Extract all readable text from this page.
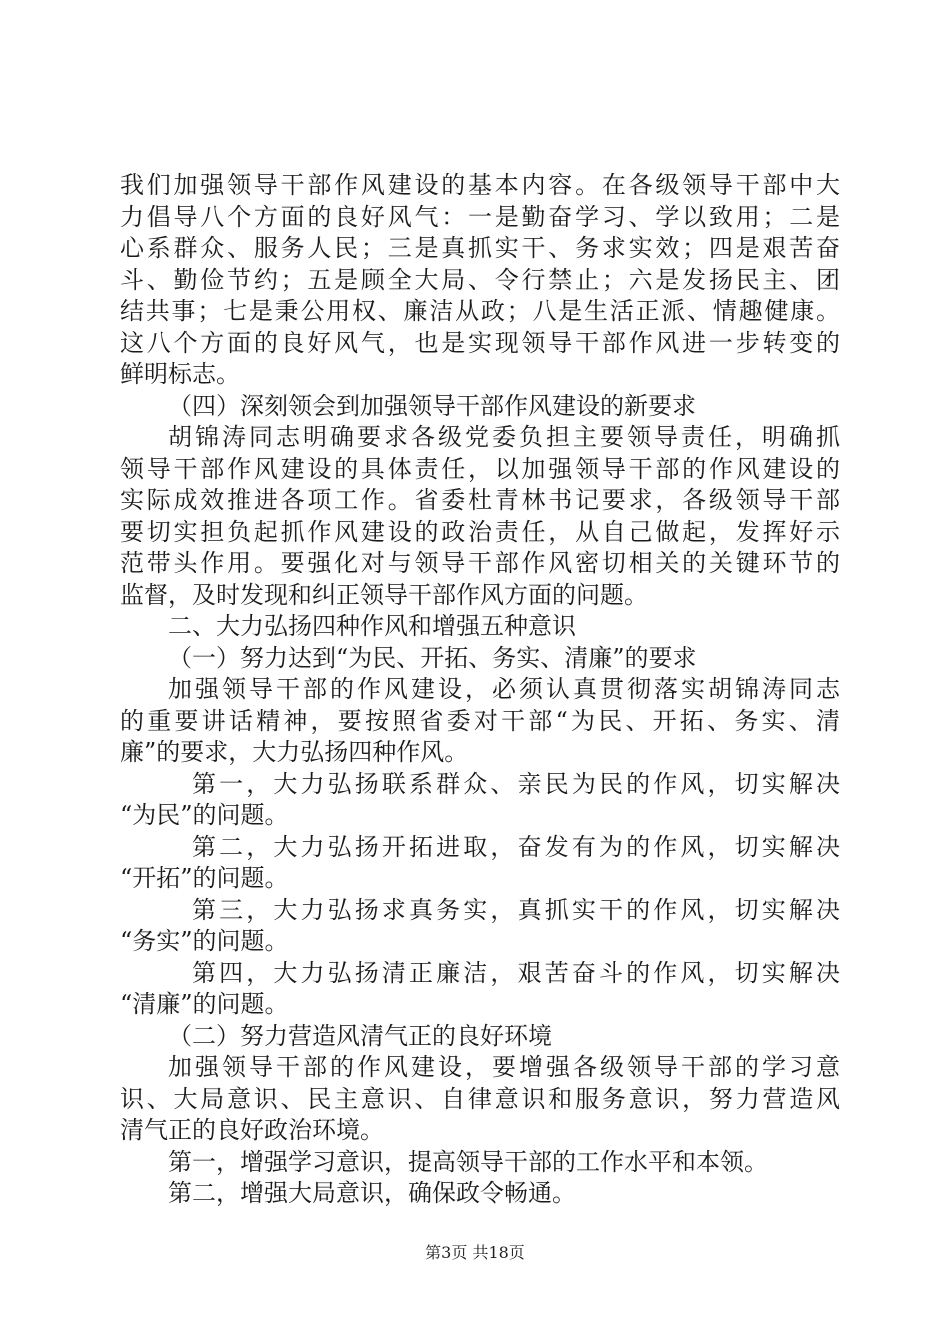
我们加强领导干部作风建设的基本内容。在各级领导干部中大
力倡导八个方面的良好风气：一是勤奋学习、学以致用；二是
心系群众、服务人民；三是真抓实干、务求实效；四是艰苦奋
斗、勤俭节约；五是顾全大局、令行禁止；六是发扬民主、团
结共事；七是秉公用权、廉洁从政；八是生活正派、情趣健康。
这八个方面的良好风气，也是实现领导干部作风进一步转变的
鲜明标志。
（四）深刻领会到加强领导干部作风建设的新要求
胡锦涛同志明确要求各级党委负担主要领导责任，明确抓
领导干部作风建设的具体责任，以加强领导干部的作风建设的
实际成效推进各项工作。省委杜青林书记要求，各级领导干部
要切实担负起抓作风建设的政治责任，从自己做起，发挥好示
范带头作用。要强化对与领导干部作风密切相关的关键环节的
监督，及时发现和纠正领导干部作风方面的问题。
二、大力弘扬四种作风和增强五种意识
（一）努力达到“为民、开拓、务实、清廉”的要求
加强领导干部的作风建设，必须认真贯彻落实胡锦涛同志
的重要讲话精神，要按照省委对干部“为民、开拓、务实、清
廉”的要求，大力弘扬四种作风。
第一，大力弘扬联系群众、亲民为民的作风，切实解决
“为民”的问题。
第二，大力弘扬开拓进取，奋发有为的作风，切实解决
“开拓”的问题。
第三，大力弘扬求真务实，真抓实干的作风，切实解决
“务实”的问题。
第四，大力弘扬清正廉洁，艰苦奋斗的作风，切实解决
“清廉”的问题。
（二）努力营造风清气正的良好环境
加强领导干部的作风建设，要增强各级领导干部的学习意
识、大局意识、民主意识、自律意识和服务意识，努力营造风
清气正的良好政治环境。
第一，增强学习意识，提高领导干部的工作水平和本领。
第二，增强大局意识，确保政令畅通。
第3页 共18页
